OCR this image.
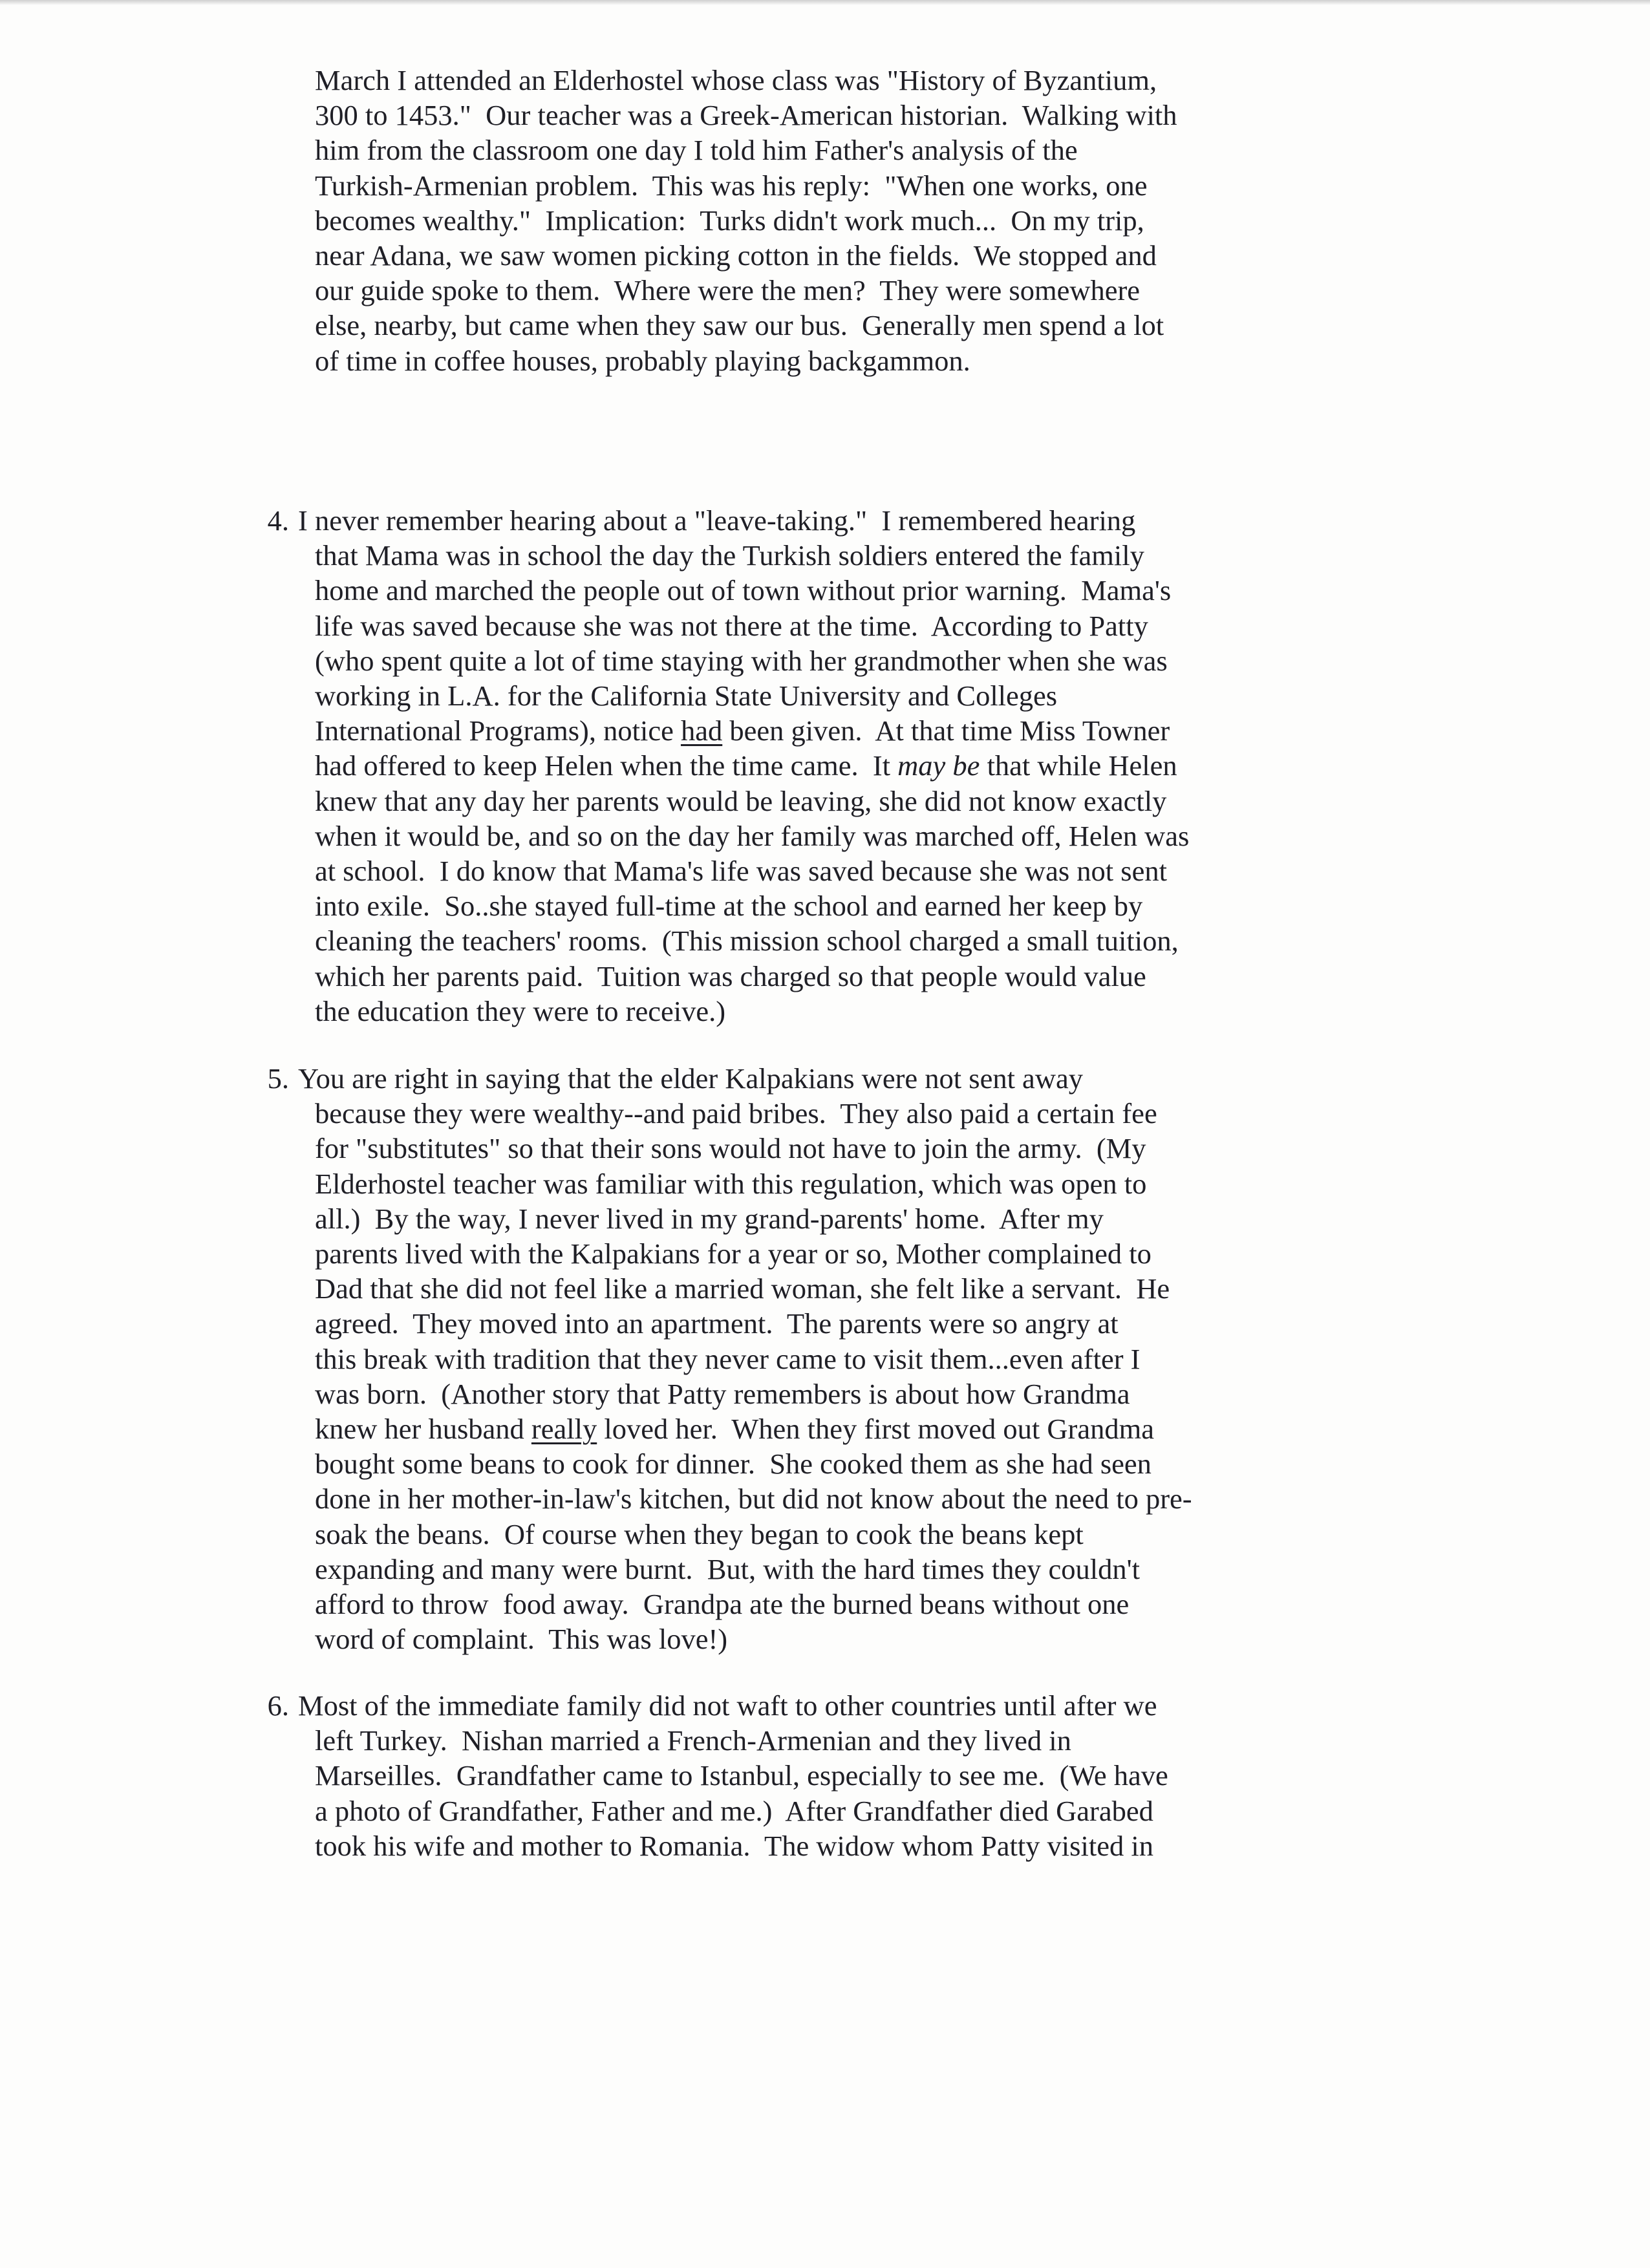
March I attended an Elderhostel whose class was "History of Byzantium,
300 to 1453."  Our teacher was a Greek-American historian.  Walking with
him from the classroom one day I told him Father's analysis of the
Turkish-Armenian problem.  This was his reply:  "When one works, one
becomes wealthy."  Implication:  Turks didn't work much...  On my trip,
near Adana, we saw women picking cotton in the fields.  We stopped and
our guide spoke to them.  Where were the men?  They were somewhere
else, nearby, but came when they saw our bus.  Generally men spend a lot
of time in coffee houses, probably playing backgammon.
4. I never remember hearing about a "leave-taking."  I remembered hearing
that Mama was in school the day the Turkish soldiers entered the family
home and marched the people out of town without prior warning.  Mama's
life was saved because she was not there at the time.  According to Patty
(who spent quite a lot of time staying with her grandmother when she was
working in L.A. for the California State University and Colleges
International Programs), notice had been given.  At that time Miss Towner
had offered to keep Helen when the time came.  It may be that while Helen
knew that any day her parents would be leaving, she did not know exactly
when it would be, and so on the day her family was marched off, Helen was
at school.  I do know that Mama's life was saved because she was not sent
into exile.  So..she stayed full-time at the school and earned her keep by
cleaning the teachers' rooms.  (This mission school charged a small tuition,
which her parents paid.  Tuition was charged so that people would value
the education they were to receive.)
5. You are right in saying that the elder Kalpakians were not sent away
because they were wealthy--and paid bribes.  They also paid a certain fee
for "substitutes" so that their sons would not have to join the army.  (My
Elderhostel teacher was familiar with this regulation, which was open to
all.)  By the way, I never lived in my grand-parents' home.  After my
parents lived with the Kalpakians for a year or so, Mother complained to
Dad that she did not feel like a married woman, she felt like a servant.  He
agreed.  They moved into an apartment.  The parents were so angry at
this break with tradition that they never came to visit them...even after I
was born.  (Another story that Patty remembers is about how Grandma
knew her husband really loved her.  When they first moved out Grandma
bought some beans to cook for dinner.  She cooked them as she had seen
done in her mother-in-law's kitchen, but did not know about the need to pre-
soak the beans.  Of course when they began to cook the beans kept
expanding and many were burnt.  But, with the hard times they couldn't
afford to throw  food away.  Grandpa ate the burned beans without one
word of complaint.  This was love!)
6. Most of the immediate family did not waft to other countries until after we
left Turkey.  Nishan married a French-Armenian and they lived in
Marseilles.  Grandfather came to Istanbul, especially to see me.  (We have
a photo of Grandfather, Father and me.)  After Grandfather died Garabed
took his wife and mother to Romania.  The widow whom Patty visited in
